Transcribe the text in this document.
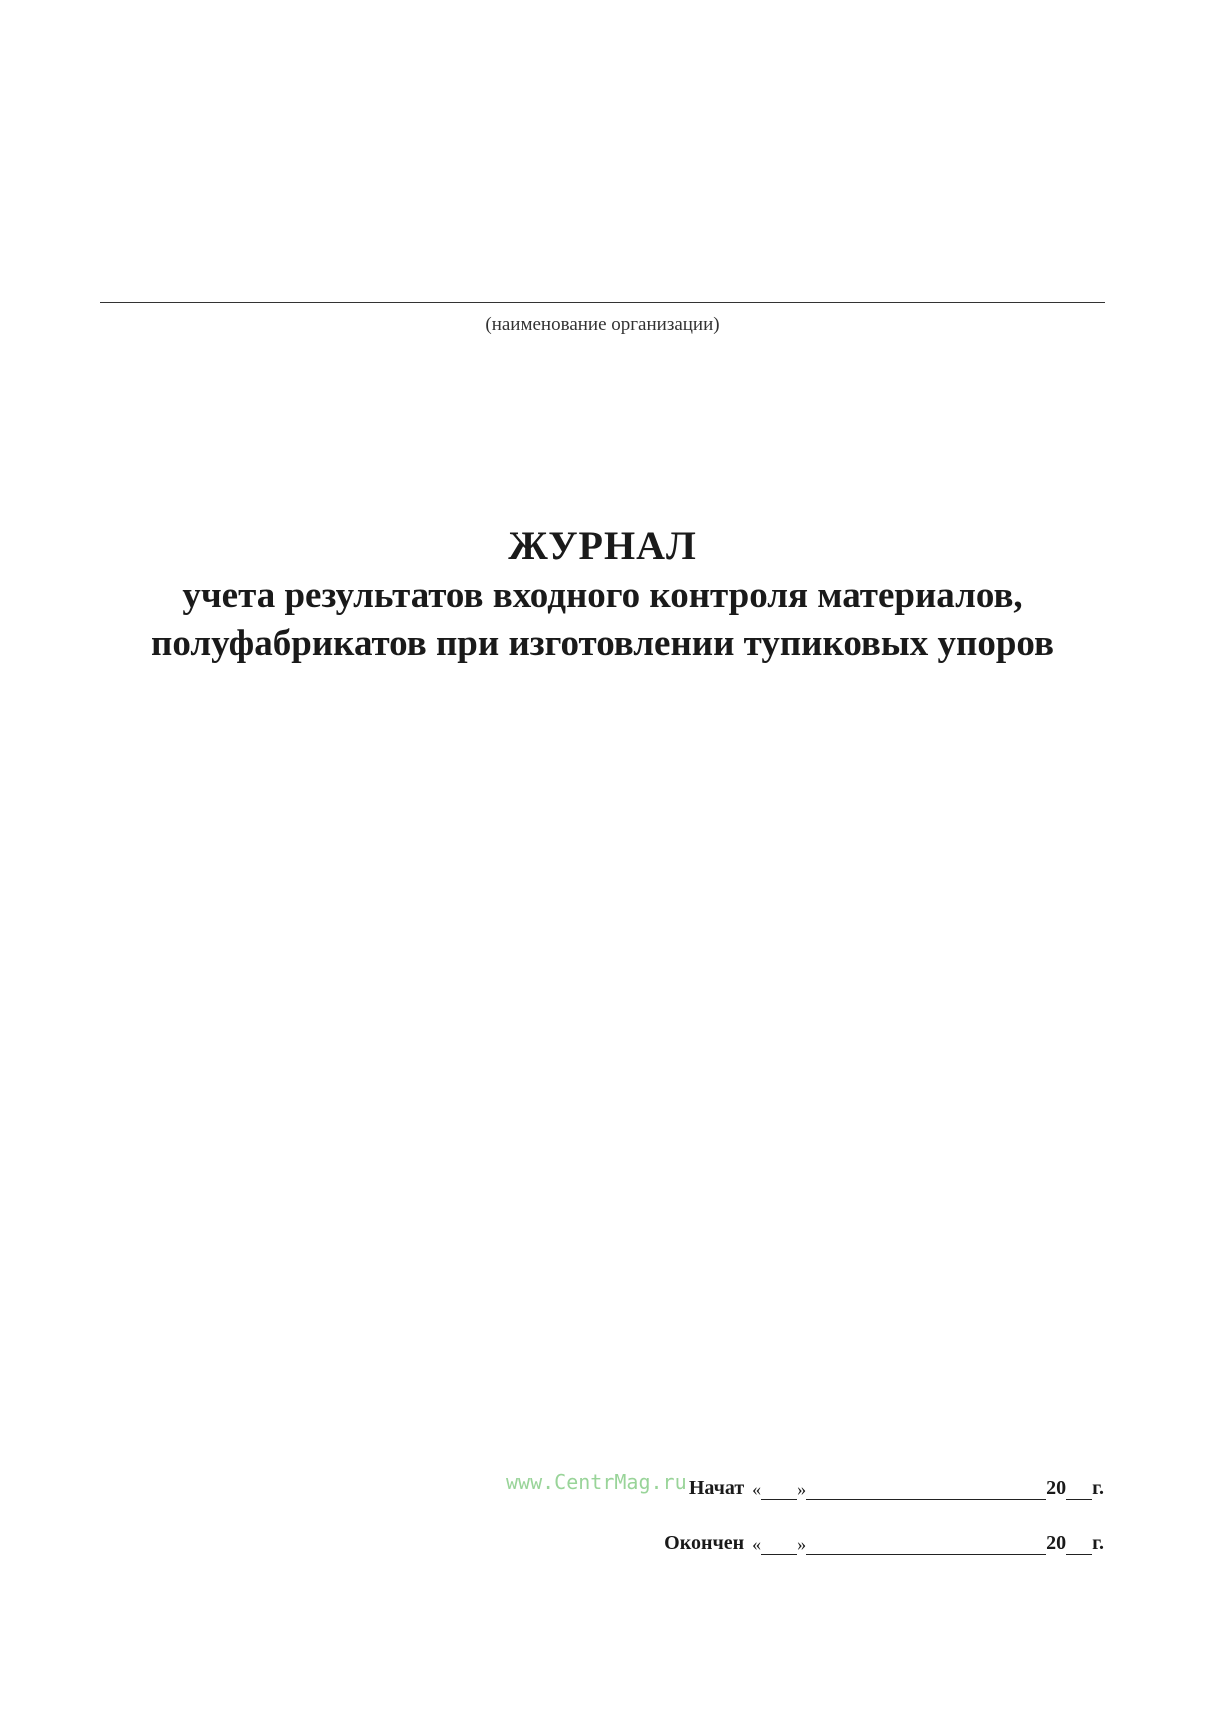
(наименование организации)
ЖУРНАЛ
учета результатов входного контроля материалов,
полуфабрикатов при изготовлении тупиковых упоров
www.CentrMag.ru Начат « »	20 г.
Окончен « »	20 г.
